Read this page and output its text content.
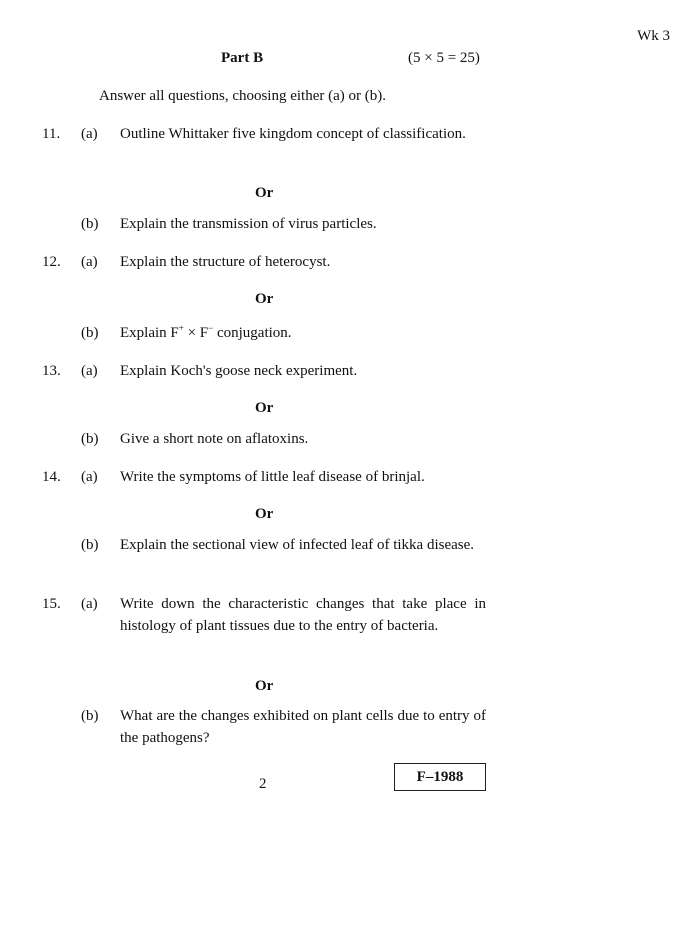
Wk 3
Part B	(5 × 5 = 25)
Answer all questions, choosing either (a) or (b).
11. (a) Outline Whittaker five kingdom concept of classification.
Or
(b) Explain the transmission of virus particles.
12. (a) Explain the structure of heterocyst.
Or
(b) Explain F+ × F− conjugation.
13. (a) Explain Koch's goose neck experiment.
Or
(b) Give a short note on aflatoxins.
14. (a) Write the symptoms of little leaf disease of brinjal.
Or
(b) Explain the sectional view of infected leaf of tikka disease.
15. (a) Write down the characteristic changes that take place in histology of plant tissues due to the entry of bacteria.
Or
(b) What are the changes exhibited on plant cells due to entry of the pathogens?
2	F–1988
